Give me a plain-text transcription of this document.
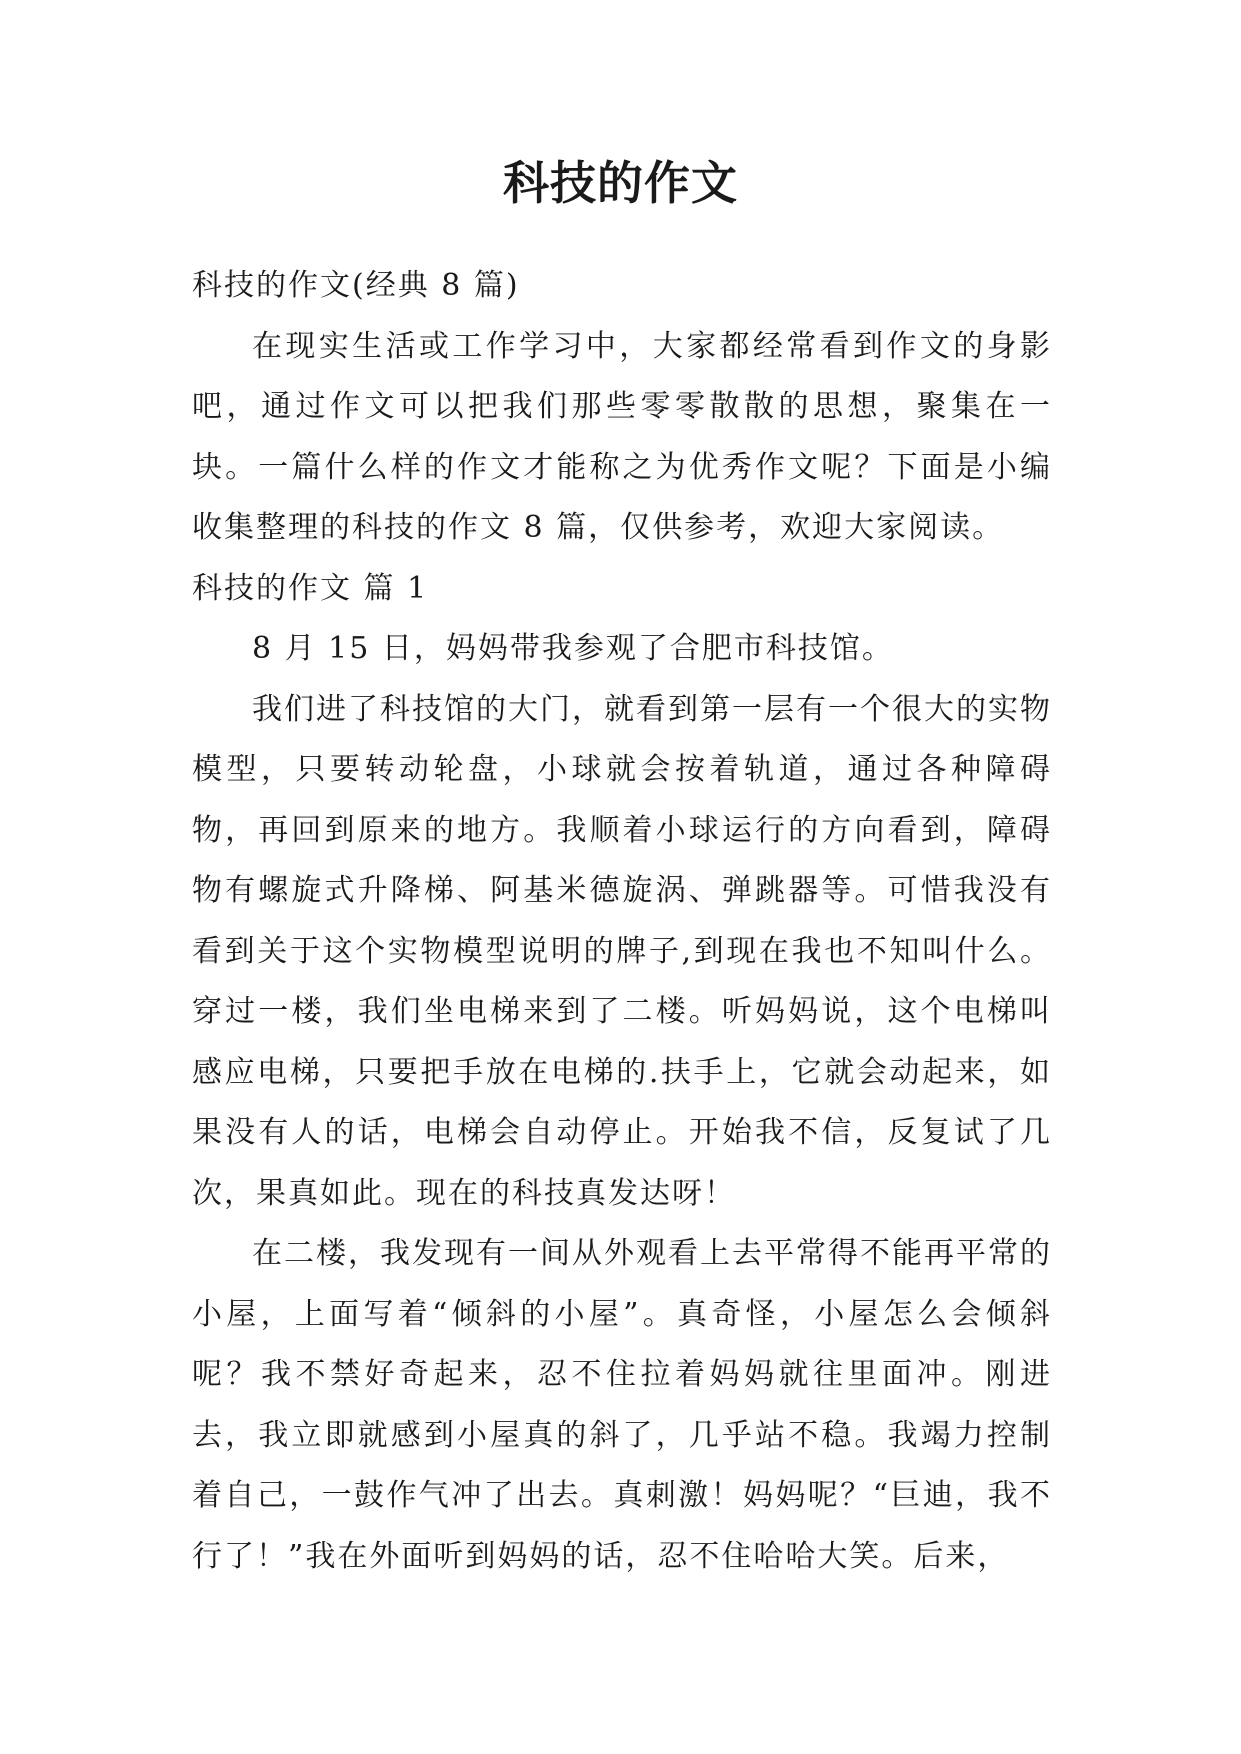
科技的作文

科技的作文(经典 8 篇)

在现实生活或工作学习中，大家都经常看到作文的身影吧，通过作文可以把我们那些零零散散的思想，聚集在一块。一篇什么样的作文才能称之为优秀作文呢？下面是小编收集整理的科技的作文 8 篇，仅供参考，欢迎大家阅读。

科技的作文 篇 1

8 月 15 日，妈妈带我参观了合肥市科技馆。

我们进了科技馆的大门，就看到第一层有一个很大的实物模型，只要转动轮盘，小球就会按着轨道，通过各种障碍物，再回到原来的地方。我顺着小球运行的方向看到，障碍物有螺旋式升降梯、阿基米德旋涡、弹跳器等。可惜我没有看到关于这个实物模型说明的牌子,到现在我也不知叫什么。穿过一楼，我们坐电梯来到了二楼。听妈妈说，这个电梯叫感应电梯，只要把手放在电梯的.扶手上，它就会动起来，如果没有人的话，电梯会自动停止。开始我不信，反复试了几次，果真如此。现在的科技真发达呀！

在二楼，我发现有一间从外观看上去平常得不能再平常的小屋，上面写着“倾斜的小屋”。真奇怪，小屋怎么会倾斜呢？我不禁好奇起来，忍不住拉着妈妈就往里面冲。刚进去，我立即就感到小屋真的斜了，几乎站不稳。我竭力控制着自己，一鼓作气冲了出去。真刺激！妈妈呢？“巨迪，我不行了！”我在外面听到妈妈的话，忍不住哈哈大笑。后来，
